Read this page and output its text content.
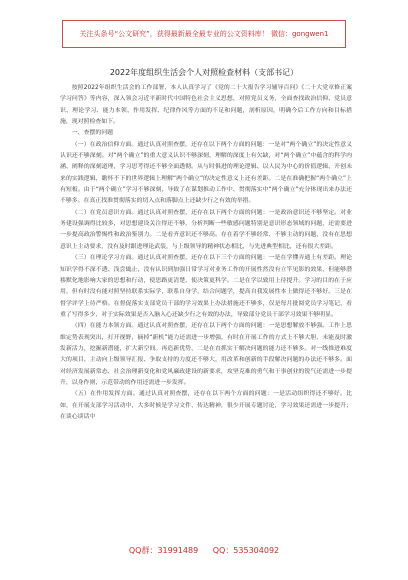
关注头条号“公文研究”，获得最新最全最专业的公文资料库！ 微信：gongwen1
2022年度组织生活会个人对照检查材料（支部书记）

按照2022年组织生活会的工作部署，本人认真学习了《党的二十大报告学习辅导百问》《二十大党章修正案学习问答》等内容，深入领会习近平新时代中国特色社会主义思想，对照党员义务，全面查找政治信仰、党员意识、理论学习、能力本领、作用发挥、纪律作风等方面的不足和问题，剖析原因，明确今后工作方向和目标措施，现对照检查如下。

一、查摆的问题

（一）在政治信仰方面。通过认真对照查摆，还存在以下两个方面的问题：一是对“两个确立”的决定性意义认识还不够深刻。对“两个确立”的重大意义认识不够深刻，理解的深度上有欠缺，对“两个确立”中蕴含的科学内涵、阐释的深刻道理，学习思考得还不够全面透彻。从与时俱进的理论逻辑、以人民为中心的价值逻辑、开创未来的实践逻辑，瞻怀不下的世界逻辑上理解“两个确立”的决定性意义上还有差距。二是在准确把握“两个确立”上有短板。由于“两个确立”学习不够深刻，导致了在谋划推动工作中、贯彻落实中“两个确立”充分体现出来办法还不够多。在真正找准贯彻落实的切入点和落脚点上还缺少行之有效的举措。

（二）在党员意识方面。通过认真对照查摆，还存在以下两个方面的问题：一是政治意识还不够坚定。对业务建设强调得比较多，对思想建设关注得还不够，分析判断一些敏感问题特别是意识形态领域的问题，还需要进一步提高政治警惕性和政治鉴别力。二是看齐意识还不够高。存在着学不够经常、不够主动的问题，没有在思想意识上主动要求，没有及时跟进理论武装，与上级领导的精神状态相比，与先进典型相比，还有很大差距。

（三）在理论学习方面。通过认真对照查摆，还存在以下三个方面的问题：一是在学懂弄通上有差距。理论知识学得不深不透、浅尝辄止，没有认识到加强日常学习对业务工作的开展性然没有立竿见影的效果，但能够潜移默化地影响大家的思想和行动，使思路更清楚，使决策更科学。二是在学以致用上待提升。学习的目的在于应用，但有时没有能对照坚持联系实际学，联系自身学，结合问题学，提高自我发展性本上做得还不够好。三是在督学评学上待严格。在督促落实支部党员干部的学习效果上办法措施还不够多，仅是每月批阅党员学习笔记，看重了写得多少，对于实际效果是否入脑入心还缺少行之有效的办法，导致部分党员干部学习效果不够明显。

（四）在能力本领方面。通过认真对照查摆，还存在以下两个方面的问题：一是思想解放不够强。工作上思维定势表现突出，打开视野，摘掉“新机”能力还需进一步增强，有时在开展工作的方式上不够大胆，未能及时激发新活力，挖掘新潜能，扩大新空间。再造新优势，二是在直抓实干解决问题的能力还不够多。对一线推进难度大的项目，主动向上级领导汇报、争取支持的力度还不够大，用改革和创新的手段解决问题的办法还不够多。面对经济发展新常态、社会治理新变化和党风廉政建设的新要求，攻坚克难的勇气和干事创业的锐气还需进一步提升，以身作则，示范带动的作用还需进一步发挥。

（五）在作用发挥方面。通过认真对照查摆，还存在以下两个方面的问题：一是活动组织得还不够好。比如，在开展支部学习活动中，大多时候是学习文件、传达精神，很少开展专题讨论，学习效果还需进一步提升；在谈心谈话中

QQ群：31991489 QQ：535304092
